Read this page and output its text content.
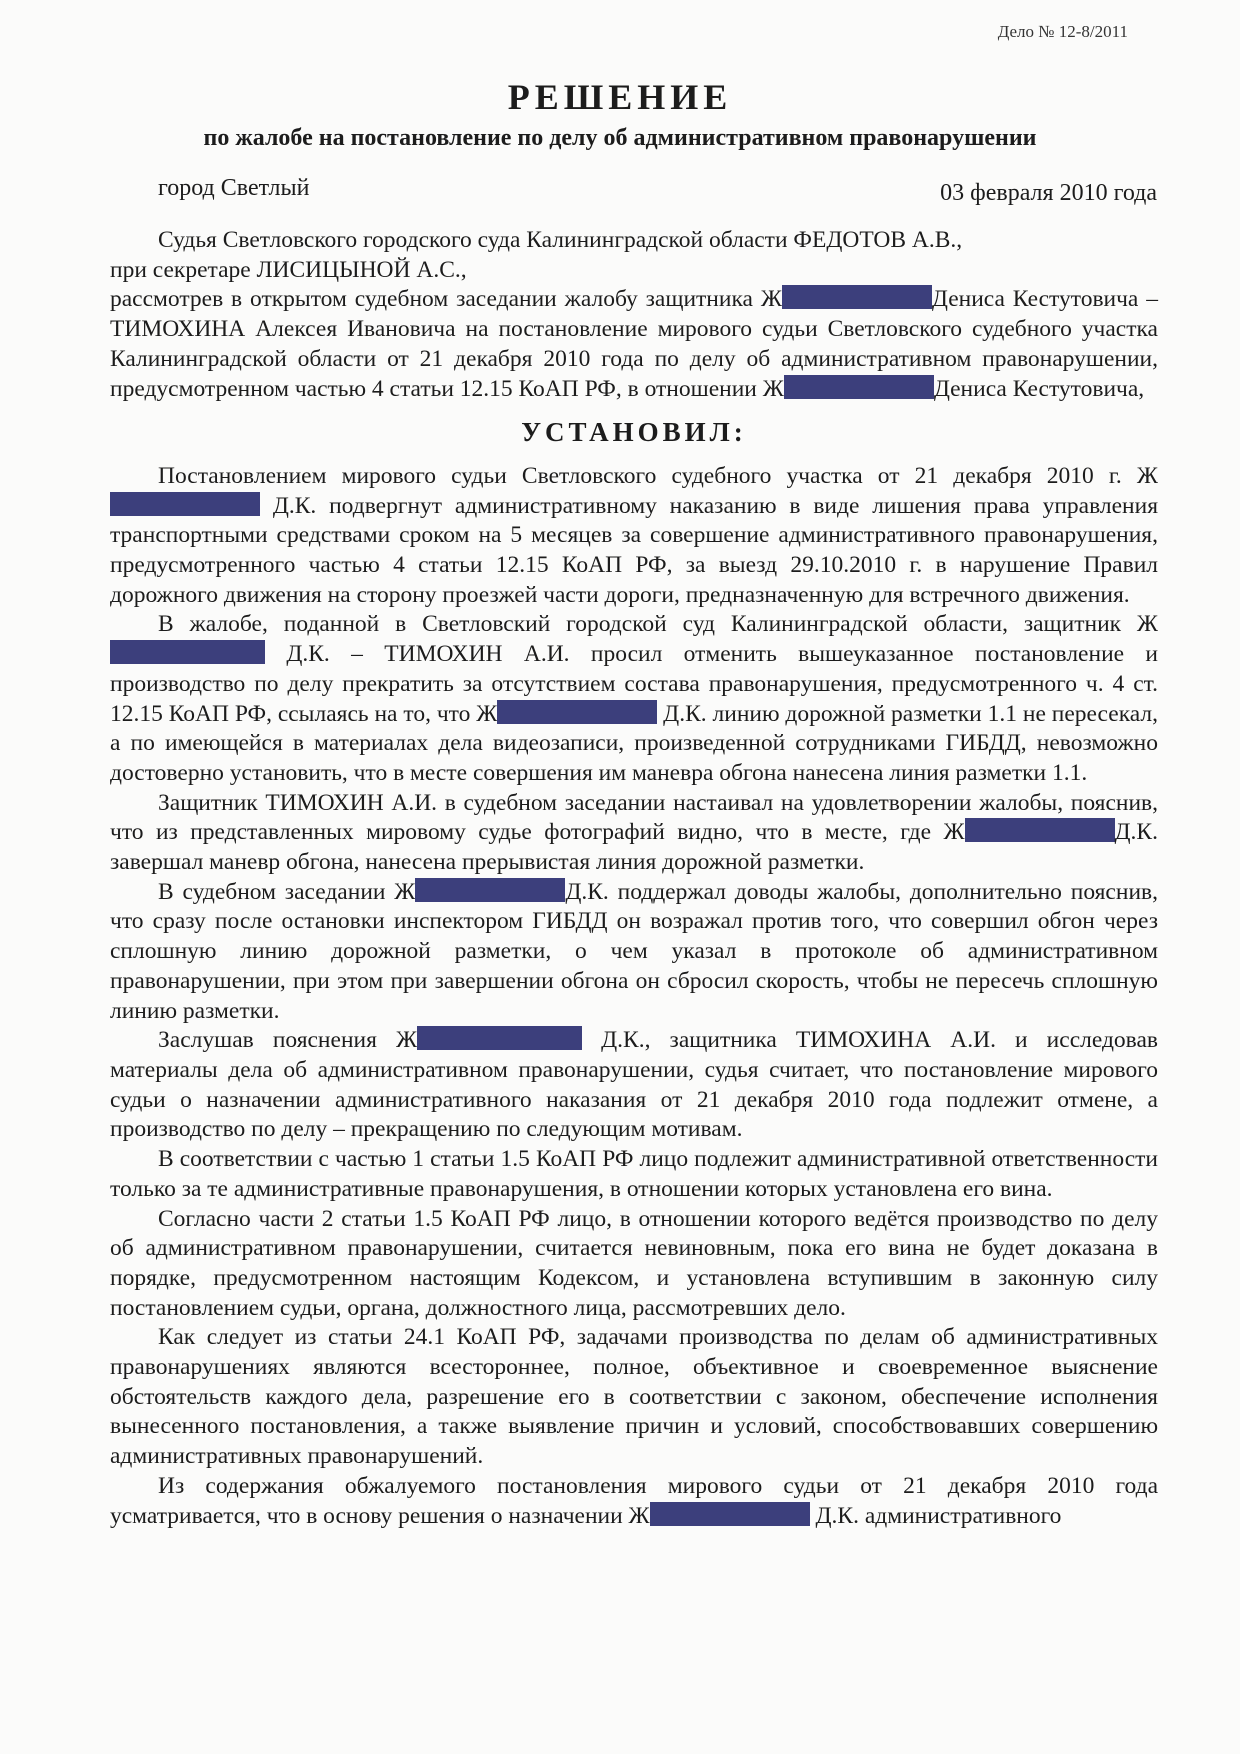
Дело № 12-8/2011
РЕШЕНИЕ
по жалобе на постановление по делу об административном правонарушении
город Светлый	03 февраля 2010 года

Судья Светловского городского суда Калининградской области ФЕДОТОВ А.В.,

при секретаре ЛИСИЦЫНОЙ А.С.,

рассмотрев в открытом судебном заседании жалобу защитника Ж	Дениса Кестутовича – ТИМОХИНА Алексея Ивановича на постановление мирового судьи Светловского судебного участка Калининградской области от 21 декабря 2010 года по делу об административном правонарушении, предусмотренном частью 4 статьи 12.15 КоАП РФ, в отношении Ж	Дениса Кестутовича,

УСТАНОВИЛ:

Постановлением мирового судьи Светловского судебного участка от 21 декабря 2010 г. Ж Д.К. подвергнут административному наказанию в виде лишения права управления транспортными средствами сроком на 5 месяцев за совершение административного правонарушения, предусмотренного частью 4 статьи 12.15 КоАП РФ, за выезд 29.10.2010 г. в нарушение Правил дорожного движения на сторону проезжей части дороги, предназначенную для встречного движения.

В жалобе, поданной в Светловский городской суд Калининградской области, защитник Ж Д.К. – ТИМОХИН А.И. просил отменить вышеуказанное постановление и производство по делу прекратить за отсутствием состава правонарушения, предусмотренного ч. 4 ст. 12.15 КоАП РФ, ссылаясь на то, что Ж	Д.К. линию дорожной разметки 1.1 не пересекал, а по имеющейся в материалах дела видеозаписи, произведенной сотрудниками ГИБДД, невозможно достоверно установить, что в месте совершения им маневра обгона нанесена линия разметки 1.1.

Защитник ТИМОХИН А.И. в судебном заседании настаивал на удовлетворении жалобы, пояснив, что из представленных мировому судье фотографий видно, что в месте, где Ж	Д.К. завершал маневр обгона, нанесена прерывистая линия дорожной разметки.

В судебном заседании Ж	Д.К. поддержал доводы жалобы, дополнительно пояснив, что сразу после остановки инспектором ГИБДД он возражал против того, что совершил обгон через сплошную линию дорожной разметки, о чем указал в протоколе об административном правонарушении, при этом при завершении обгона он сбросил скорость, чтобы не пересечь сплошную линию разметки.

Заслушав пояснения Ж	Д.К., защитника ТИМОХИНА А.И. и исследовав материалы дела об административном правонарушении, судья считает, что постановление мирового судьи о назначении административного наказания от 21 декабря 2010 года подлежит отмене, а производство по делу – прекращению по следующим мотивам.

В соответствии с частью 1 статьи 1.5 КоАП РФ лицо подлежит административной ответственности только за те административные правонарушения, в отношении которых установлена его вина.

Согласно части 2 статьи 1.5 КоАП РФ лицо, в отношении которого ведётся производство по делу об административном правонарушении, считается невиновным, пока его вина не будет доказана в порядке, предусмотренном настоящим Кодексом, и установлена вступившим в законную силу постановлением судьи, органа, должностного лица, рассмотревших дело.

Как следует из статьи 24.1 КоАП РФ, задачами производства по делам об административных правонарушениях являются всестороннее, полное, объективное и своевременное выяснение обстоятельств каждого дела, разрешение его в соответствии с законом, обеспечение исполнения вынесенного постановления, а также выявление причин и условий, способствовавших совершению административных правонарушений.

Из содержания обжалуемого постановления мирового судьи от 21 декабря 2010 года усматривается, что в основу решения о назначении Ж	Д.К. административного
